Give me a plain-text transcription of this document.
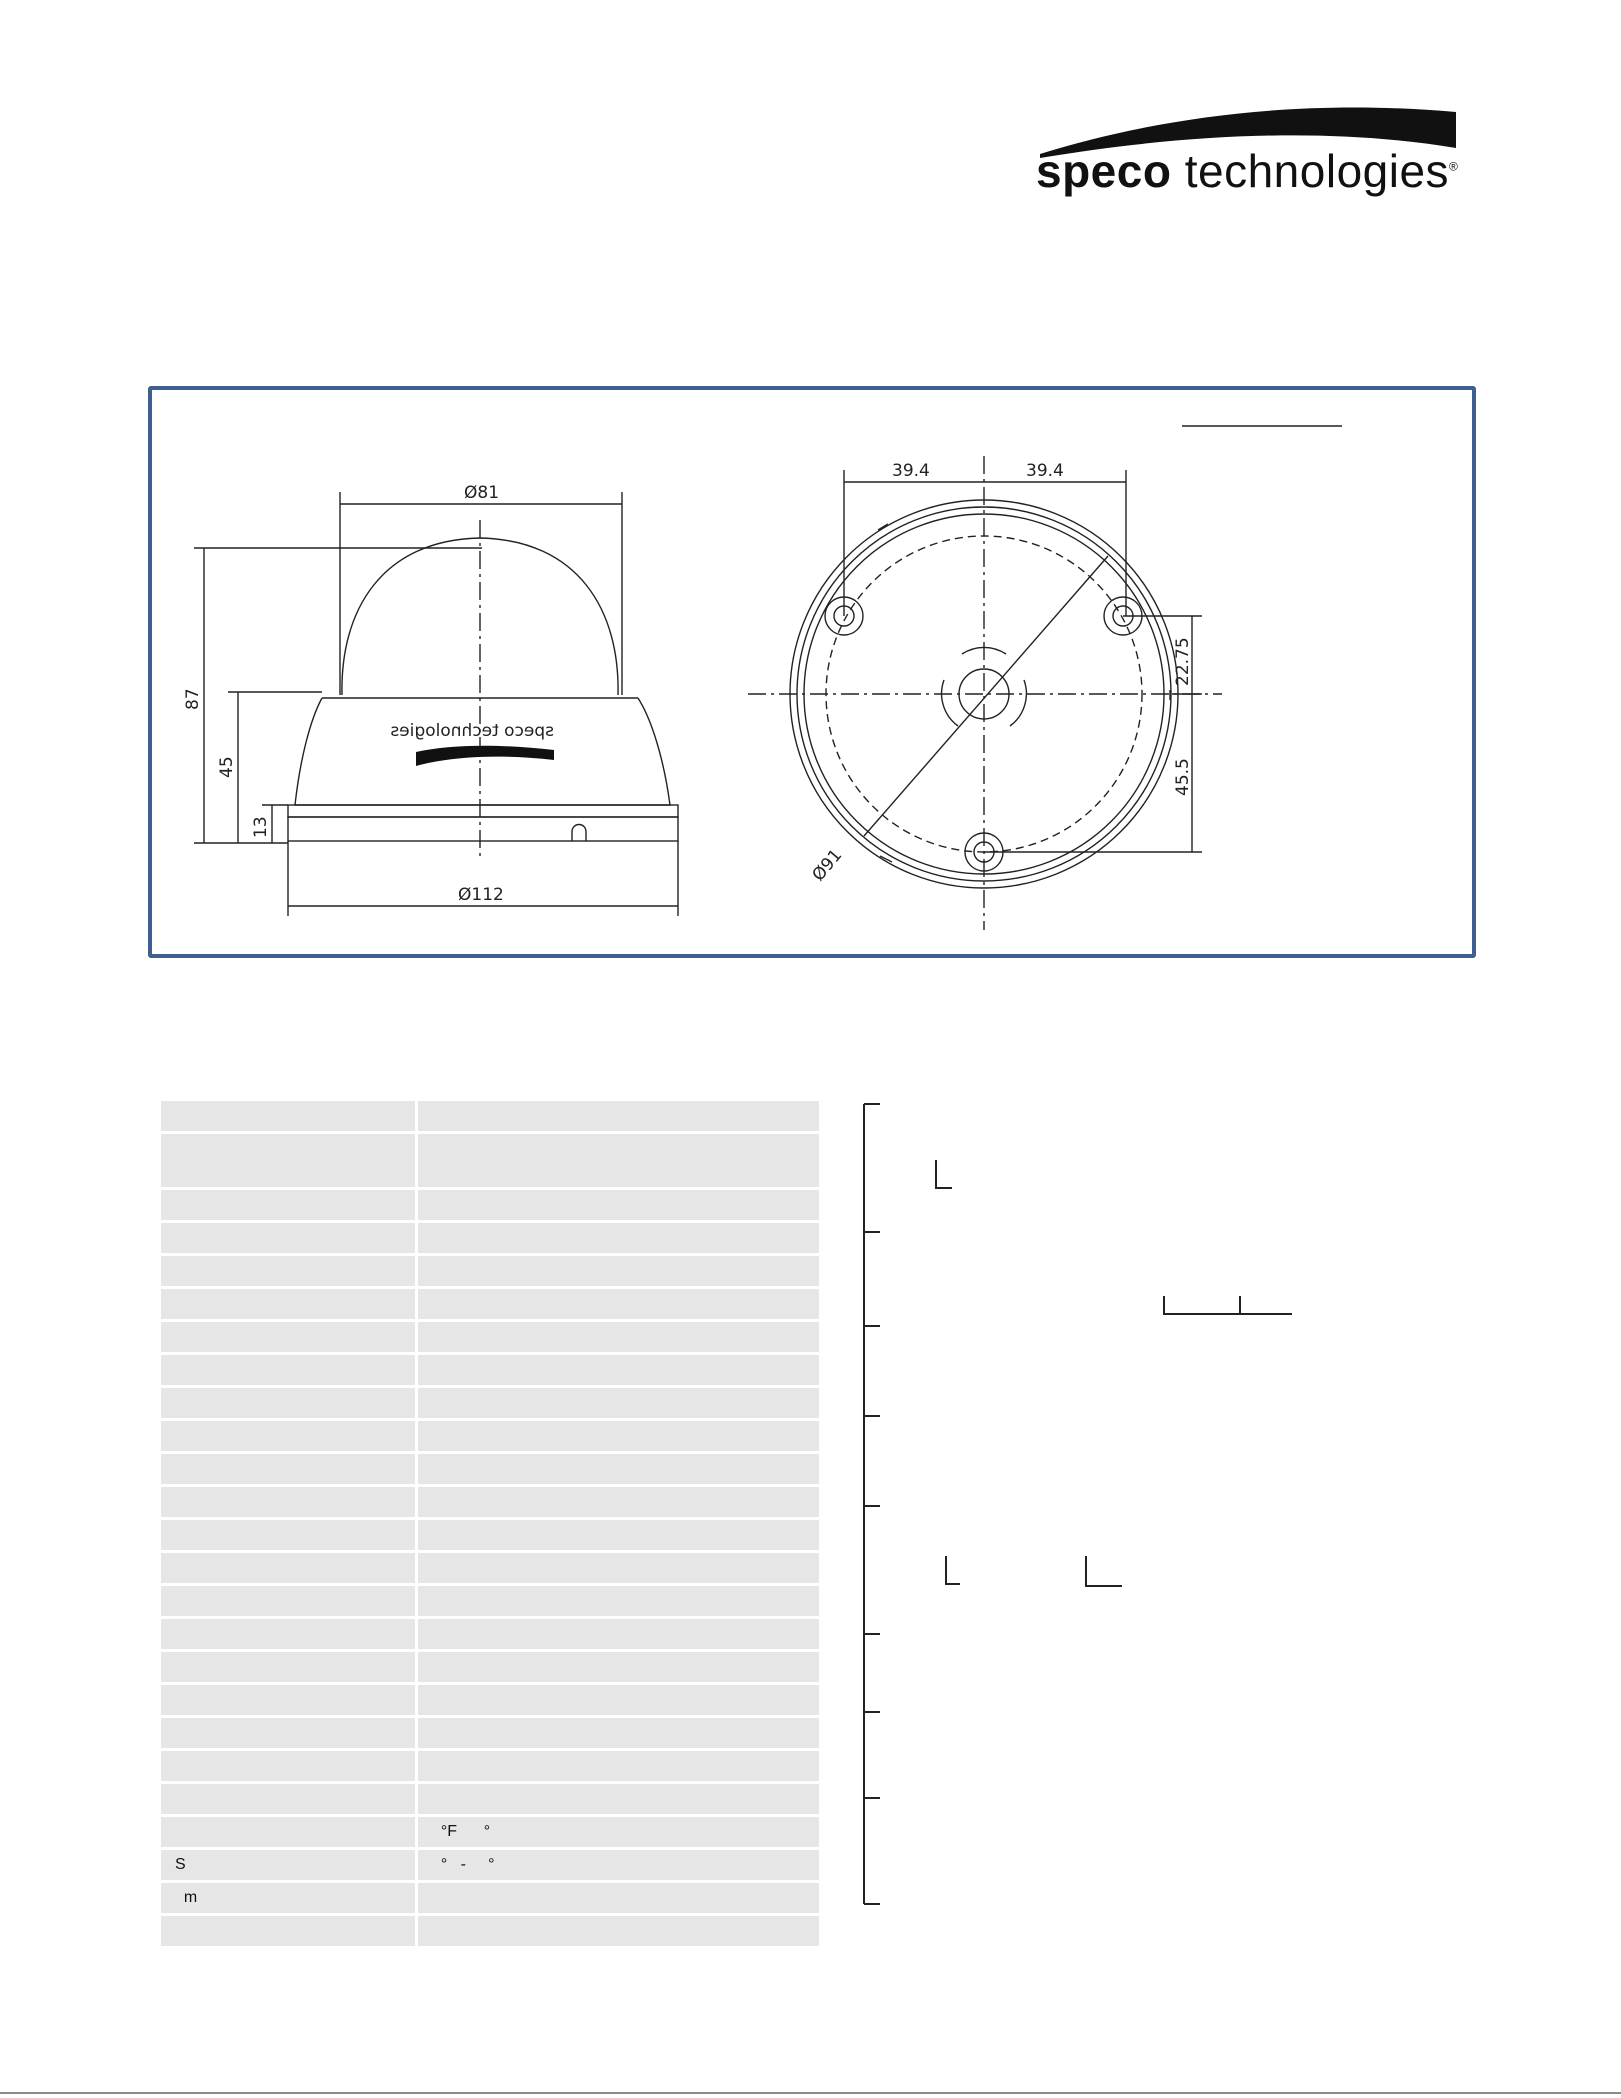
speco technologies®
speco technologies
Ø81
Ø112
87
45
13
39.4	39.4
22.75
45.5
Ø91

	°F      °
S	°   -     °
m	
